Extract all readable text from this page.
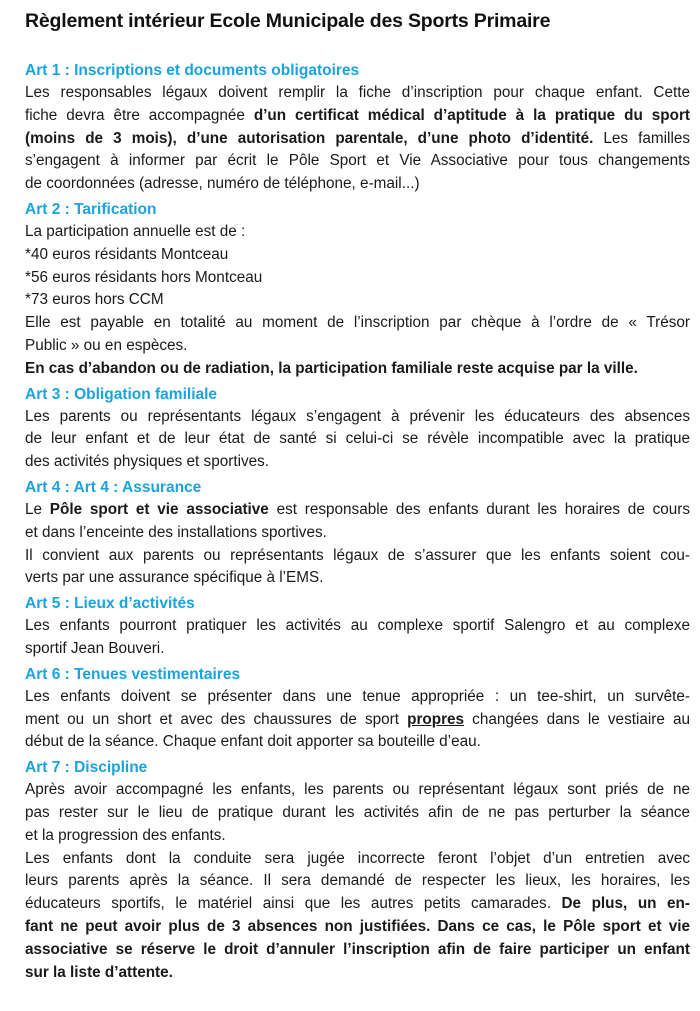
Règlement intérieur Ecole Municipale des Sports Primaire
Art 1 : Inscriptions et documents obligatoires
Les responsables légaux doivent remplir la fiche d’inscription pour chaque enfant. Cette
fiche devra être accompagnée d’un certificat médical d’aptitude à la pratique du sport
(moins de 3 mois), d’une autorisation parentale, d’une photo d’identité. Les familles
s’engagent à informer par écrit le Pôle Sport et Vie Associative pour tous changements
de coordonnées (adresse, numéro de téléphone, e-mail...)
Art 2 : Tarification
La participation annuelle est de :
*40 euros résidants Montceau
*56 euros résidants hors Montceau
*73 euros hors CCM
Elle est payable en totalité au moment de l’inscription par chèque à l’ordre de « Trésor
Public » ou en espèces.
En cas d’abandon ou de radiation, la participation familiale reste acquise par la ville.
Art 3 : Obligation familiale
Les parents ou représentants légaux s’engagent à prévenir les éducateurs des absences
de leur enfant et de leur état de santé si celui-ci se révèle incompatible avec la pratique
des activités physiques et sportives.
Art 4 : Art 4 : Assurance
Le Pôle sport et vie associative est responsable des enfants durant les horaires de cours
et dans l’enceinte des installations sportives.
Il convient aux parents ou représentants légaux de s’assurer que les enfants soient cou-
verts par une assurance spécifique à l’EMS.
Art 5 : Lieux d’activités
Les enfants pourront pratiquer les activités au complexe sportif Salengro et au complexe
sportif Jean Bouveri.
Art 6 : Tenues vestimentaires
Les enfants doivent se présenter dans une tenue appropriée : un tee-shirt, un survête-
ment ou un short et avec des chaussures de sport propres changées dans le vestiaire au
début de la séance. Chaque enfant doit apporter sa bouteille d’eau.
Art 7 : Discipline
Après avoir accompagné les enfants, les parents ou représentant légaux sont priés de ne
pas rester sur le lieu de pratique durant les activités afin de ne pas perturber la séance
et la progression des enfants.
Les enfants dont la conduite sera jugée incorrecte feront l’objet d’un entretien avec
leurs parents après la séance. Il sera demandé de respecter les lieux, les horaires, les
éducateurs sportifs, le matériel ainsi que les autres petits camarades. De plus, un en-
fant ne peut avoir plus de 3 absences non justifiées. Dans ce cas, le Pôle sport et vie
associative se réserve le droit d’annuler l’inscription afin de faire participer un enfant
sur la liste d’attente.
